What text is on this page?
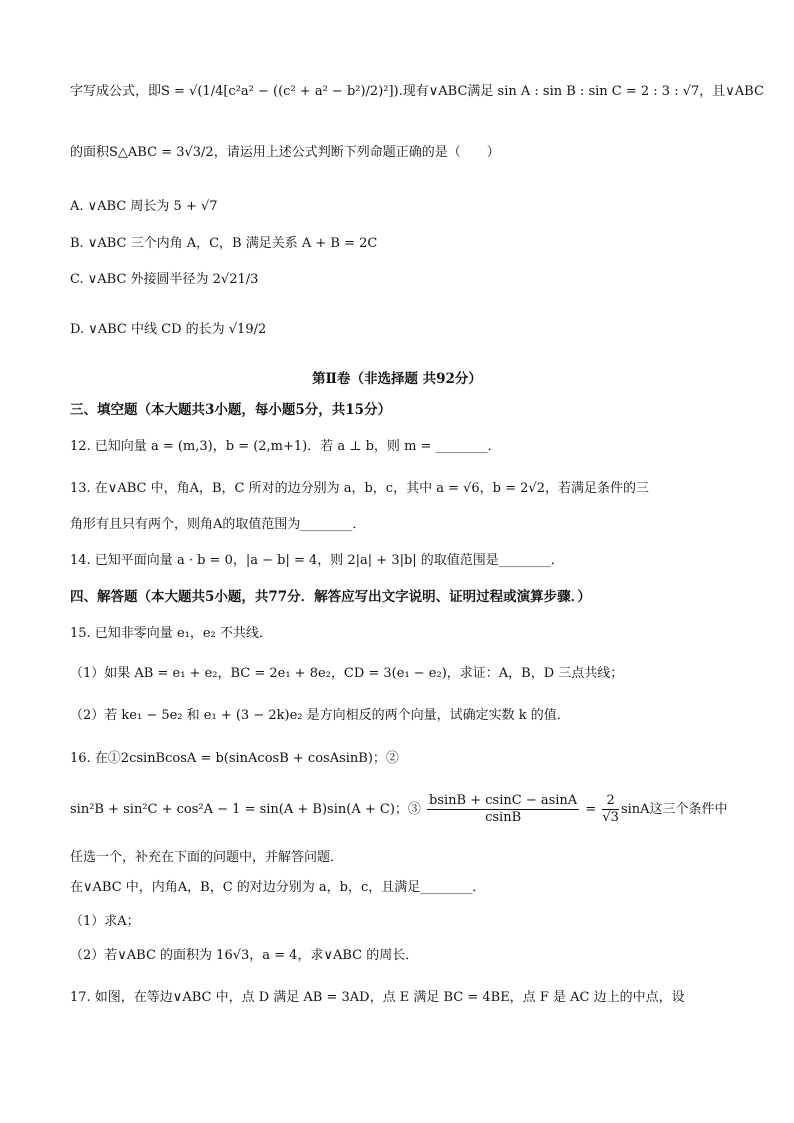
字写成公式，即S = √(1/4[c²a² − ((c² + a² − b²)/2)²]).现有∨ABC满足 sin A : sin B : sin C = 2 : 3 : √7，且∨ABC
的面积S△ABC = 3√3/2，请运用上述公式判断下列命题正确的是（　　）
A. ∨ABC 周长为 5 + √7
B. ∨ABC 三个内角 A，C，B 满足关系 A + B = 2C
C. ∨ABC 外接圆半径为 2√21/3
D. ∨ABC 中线 CD 的长为 √19/2
第Ⅱ卷（非选择题 共92分）
三、填空题（本大题共3小题，每小题5分，共15分）
12. 已知向量 a = (m,3)，b = (2,m+1)．若 a ⊥ b，则 m = ________．
13. 在∨ABC 中，角A，B，C 所对的边分别为 a，b，c，其中 a = √6，b = 2√2，若满足条件的三
角形有且只有两个，则角A的取值范围为________．
14. 已知平面向量 a · b = 0，|a − b| = 4，则 2|a| + 3|b| 的取值范围是________．
四、解答题（本大题共5小题，共77分．解答应写出文字说明、证明过程或演算步骤．）
15. 已知非零向量 e₁，e₂ 不共线．
（1）如果 AB = e₁ + e₂，BC = 2e₁ + 8e₂，CD = 3(e₁ − e₂)，求证：A，B，D 三点共线；
（2）若 ke₁ − 5e₂ 和 e₁ + (3 − 2k)e₂ 是方向相反的两个向量，试确定实数 k 的值．
16. 在①2csinBcosA = b(sinAcosB + cosAsinB)；②
sin²B + sin²C + cos²A − 1 = sin(A + B)sin(A + C)；③ $\frac{bsinB + csinC - asinA}{csinB} = \frac{2}{√3}$ sinA这三个条件中
任选一个，补充在下面的问题中，并解答问题．
在∨ABC 中，内角A，B，C 的对边分别为 a，b，c，且满足________．
（1）求A；
（2）若∨ABC 的面积为 16√3，a = 4，求∨ABC 的周长．
17. 如图，在等边∨ABC 中，点 D 满足 AB = 3AD，点 E 满足 BC = 4BE，点 F 是 AC 边上的中点，设
